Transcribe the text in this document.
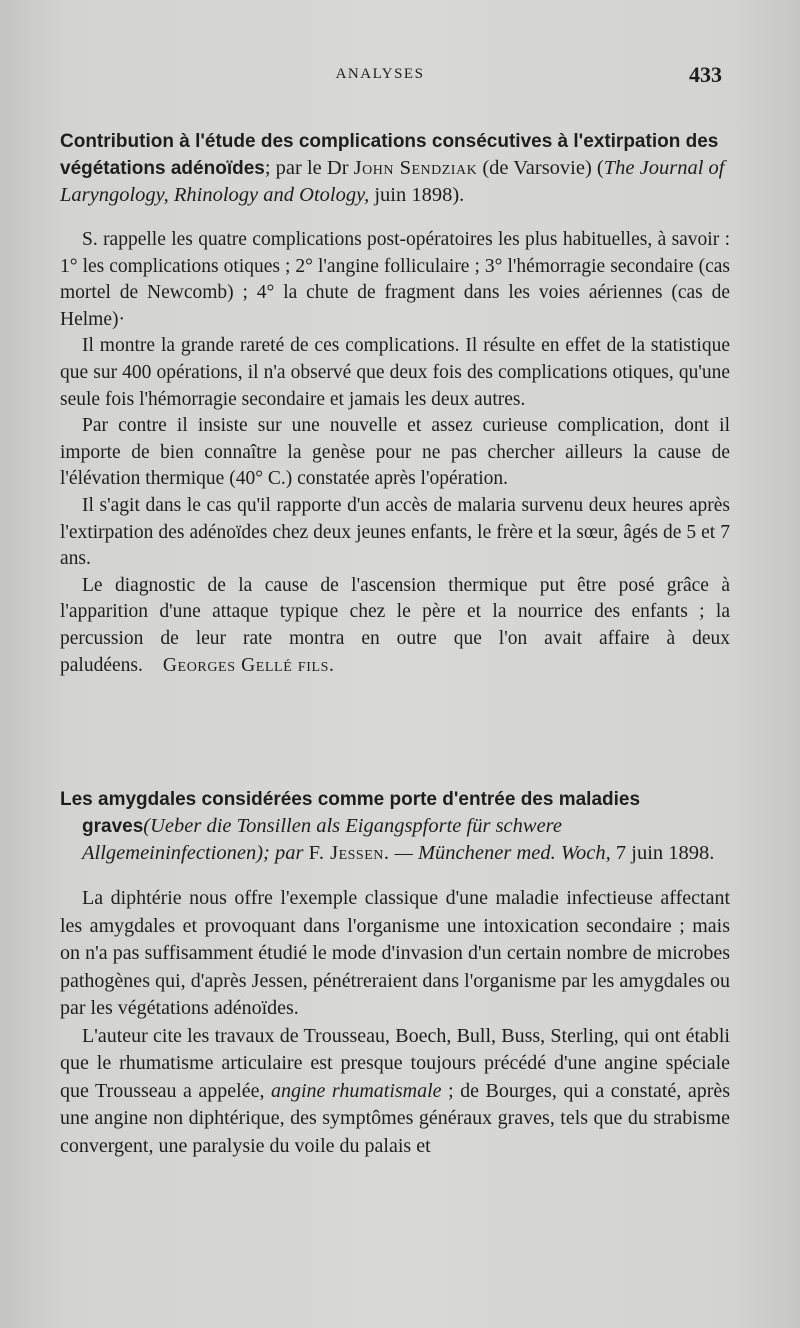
ANALYSES	433

Contribution à l'étude des complications consécutives à l'extirpation des végétations adénoïdes; par le Dr John Sendziak (de Varsovie) (The Journal of Laryngology, Rhinology and Otology, juin 1898).

S. rappelle les quatre complications post-opératoires les plus habituelles, à savoir : 1° les complications otiques ; 2° l'angine folliculaire ; 3° l'hémorragie secondaire (cas mortel de Newcomb) ; 4° la chute de fragment dans les voies aériennes (cas de Helme)·

Il montre la grande rareté de ces complications. Il résulte en effet de la statistique que sur 400 opérations, il n'a observé que deux fois des complications otiques, qu'une seule fois l'hémorragie secondaire et jamais les deux autres.

Par contre il insiste sur une nouvelle et assez curieuse complication, dont il importe de bien connaître la genèse pour ne pas chercher ailleurs la cause de l'élévation thermique (40° C.) constatée après l'opération.

Il s'agit dans le cas qu'il rapporte d'un accès de malaria survenu deux heures après l'extirpation des adénoïdes chez deux jeunes enfants, le frère et la sœur, âgés de 5 et 7 ans.

Le diagnostic de la cause de l'ascension thermique put être posé grâce à l'apparition d'une attaque typique chez le père et la nourrice des enfants ; la percussion de leur rate montra en outre que l'on avait affaire à deux paludéens. Georges Gellé fils.

Les amygdales considérées comme porte d'entrée des maladies graves(Ueber die Tonsillen als Eigangspforte für schwere Allgemeininfectionen); par F. Jessen. — Münchener med. Woch, 7 juin 1898.

La diphtérie nous offre l'exemple classique d'une maladie infectieuse affectant les amygdales et provoquant dans l'organisme une intoxication secondaire ; mais on n'a pas suffisamment étudié le mode d'invasion d'un certain nombre de microbes pathogènes qui, d'après Jessen, pénétreraient dans l'organisme par les amygdales ou par les végétations adénoïdes.

L'auteur cite les travaux de Trousseau, Boech, Bull, Buss, Sterling, qui ont établi que le rhumatisme articulaire est presque toujours précédé d'une angine spéciale que Trousseau a appelée, angine rhumatismale ; de Bourges, qui a constaté, après une angine non diphtérique, des symptômes généraux graves, tels que du strabisme convergent, une paralysie du voile du palais et
